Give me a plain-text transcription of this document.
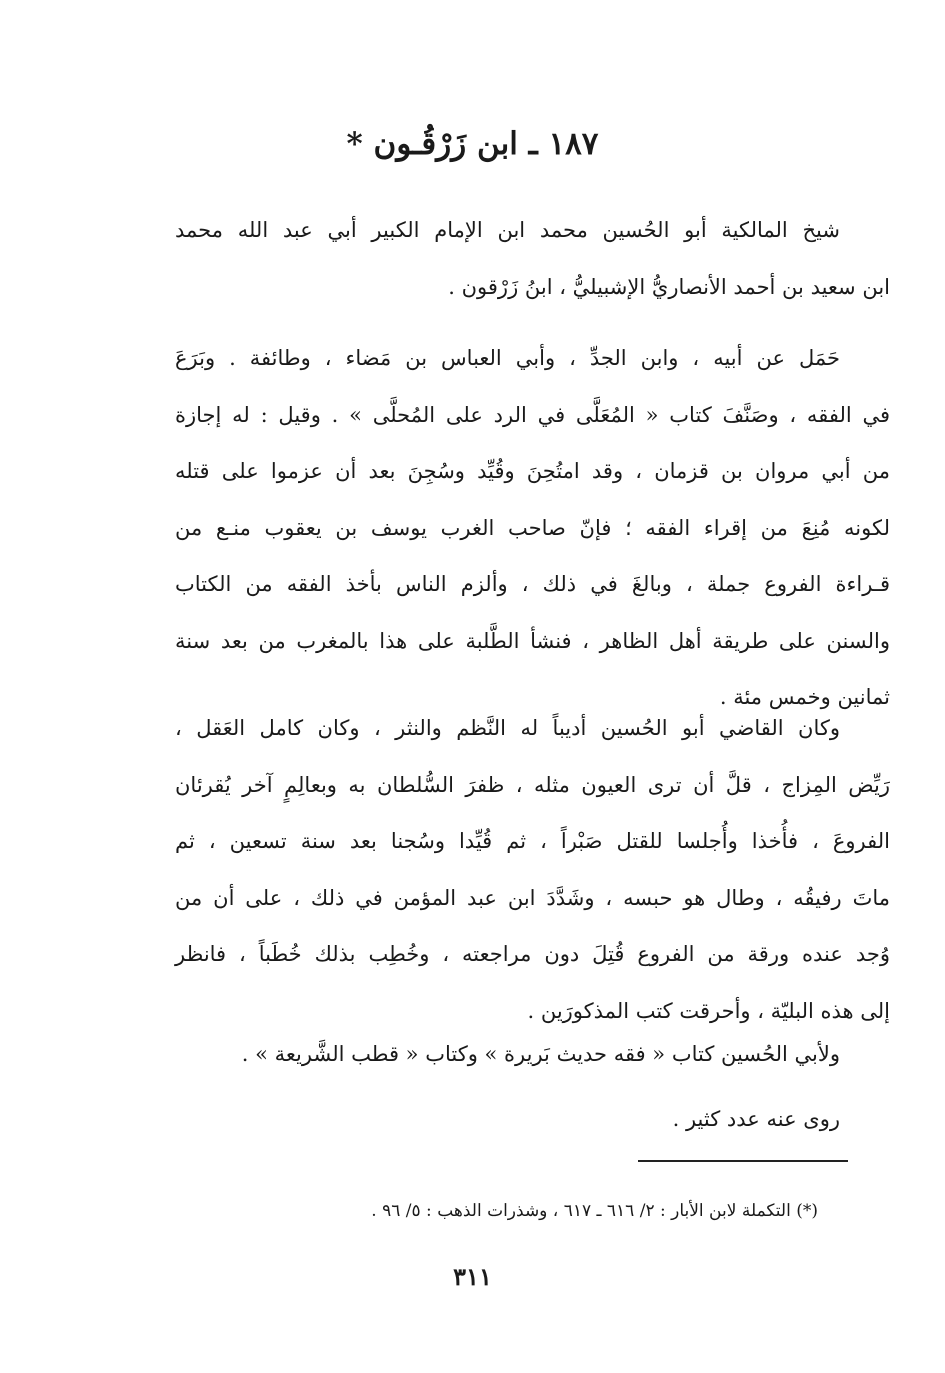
١٨٧ ـ ابن زَرْقُـون *
شيخ المالكية أبو الحُسين محمد ابن الإمام الكبير أبي عبد الله محمد
ابن سعيد بن أحمد الأنصاريُّ الإشبيليُّ ، ابنُ زَرْقون .
حَمَل عن أبيه ، وابن الجدِّ ، وأبي العباس بن مَضاء ، وطائفة . وبَرَعَ
في الفقه ، وصَنَّفَ كتاب « المُعَلَّى في الرد على المُحلَّى » . وقيل : له إجازة
من أبي مروان بن قزمان ، وقد امتُحِنَ وقُيِّد وسُجِنَ بعد أن عزموا على قتله
لكونه مُنِعَ من إقراء الفقه ؛ فإنّ صاحب الغرب يوسف بن يعقوب منـع من
قـراءة الفروع جملة ، وبالغَ في ذلك ، وألزم الناس بأخذ الفقه من الكتاب
والسنن على طريقة أهل الظاهر ، فنشأ الطَّلبة على هذا بالمغرب من بعد سنة
ثمانين وخمس مئة .
وكان القاضي أبو الحُسين أديباً له النَّظم والنثر ، وكان كامل العَقل ،
رَيِّض المِزاج ، قلَّ أن ترى العيون مثله ، ظفرَ السُّلطان به وبعالِمٍ آخر يُقرئان
الفروعَ ، فأُخذا وأُجلسا للقتل صَبْراً ، ثم قُيِّدا وسُجنا بعد سنة تسعين ، ثم
ماتَ رفيقُه ، وطال هو حبسه ، وشَدَّدَ ابن عبد المؤمن في ذلك ، على أن من
وُجد عنده ورقة من الفروع قُتِلَ دون مراجعته ، وخُطِب بذلك خُطَباً ، فانظر
إلى هذه البليّة ، وأحرقت كتب المذكورَين .
ولأبي الحُسين كتاب « فقه حديث بَريرة » وكتاب « قطب الشَّريعة » .
روى عنه عدد كثير .
(*) التكملة لابن الأبار : ٢/ ٦١٦ ـ ٦١٧ ، وشذرات الذهب : ٥/ ٩٦ .
٣١١
